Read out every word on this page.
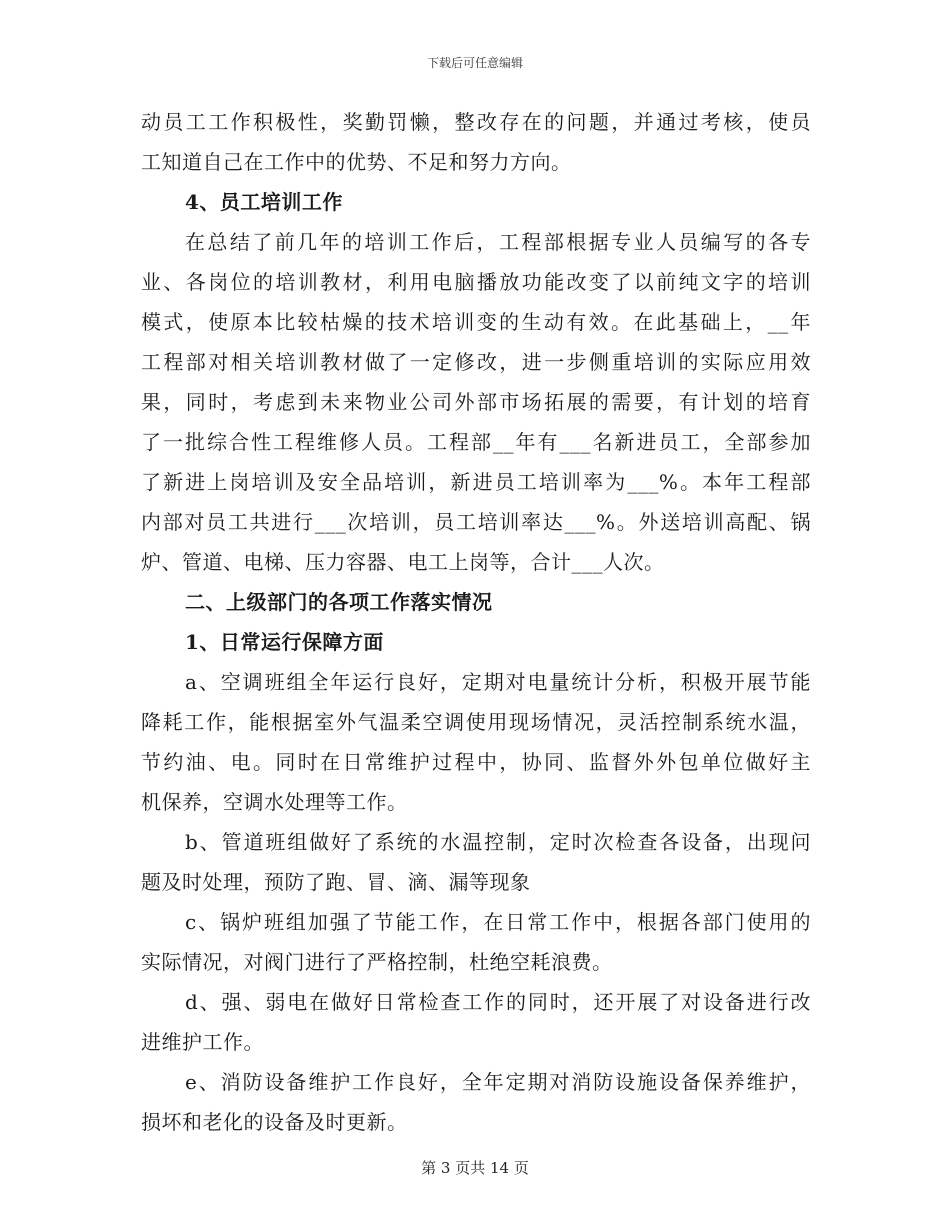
下载后可任意编辑
动员工工作积极性，奖勤罚懒，整改存在的问题，并通过考核，使员
工知道自己在工作中的优势、不足和努力方向。
4、员工培训工作
在总结了前几年的培训工作后，工程部根据专业人员编写的各专
业、各岗位的培训教材，利用电脑播放功能改变了以前纯文字的培训
模式，使原本比较枯燥的技术培训变的生动有效。在此基础上，__年
工程部对相关培训教材做了一定修改，进一步侧重培训的实际应用效
果，同时，考虑到未来物业公司外部市场拓展的需要，有计划的培育
了一批综合性工程维修人员。工程部__年有___名新进员工，全部参加
了新进上岗培训及安全品培训，新进员工培训率为___%。本年工程部
内部对员工共进行___次培训，员工培训率达___%。外送培训高配、锅
炉、管道、电梯、压力容器、电工上岗等，合计___人次。
二、上级部门的各项工作落实情况
1、日常运行保障方面
a、空调班组全年运行良好，定期对电量统计分析，积极开展节能
降耗工作，能根据室外气温柔空调使用现场情况，灵活控制系统水温，
节约油、电。同时在日常维护过程中，协同、监督外外包单位做好主
机保养，空调水处理等工作。
b、管道班组做好了系统的水温控制，定时次检查各设备，出现问
题及时处理，预防了跑、冒、滴、漏等现象
c、锅炉班组加强了节能工作，在日常工作中，根据各部门使用的
实际情况，对阀门进行了严格控制，杜绝空耗浪费。
d、强、弱电在做好日常检查工作的同时，还开展了对设备进行改
进维护工作。
e、消防设备维护工作良好，全年定期对消防设施设备保养维护，
损坏和老化的设备及时更新。
第 3 页共 14 页
